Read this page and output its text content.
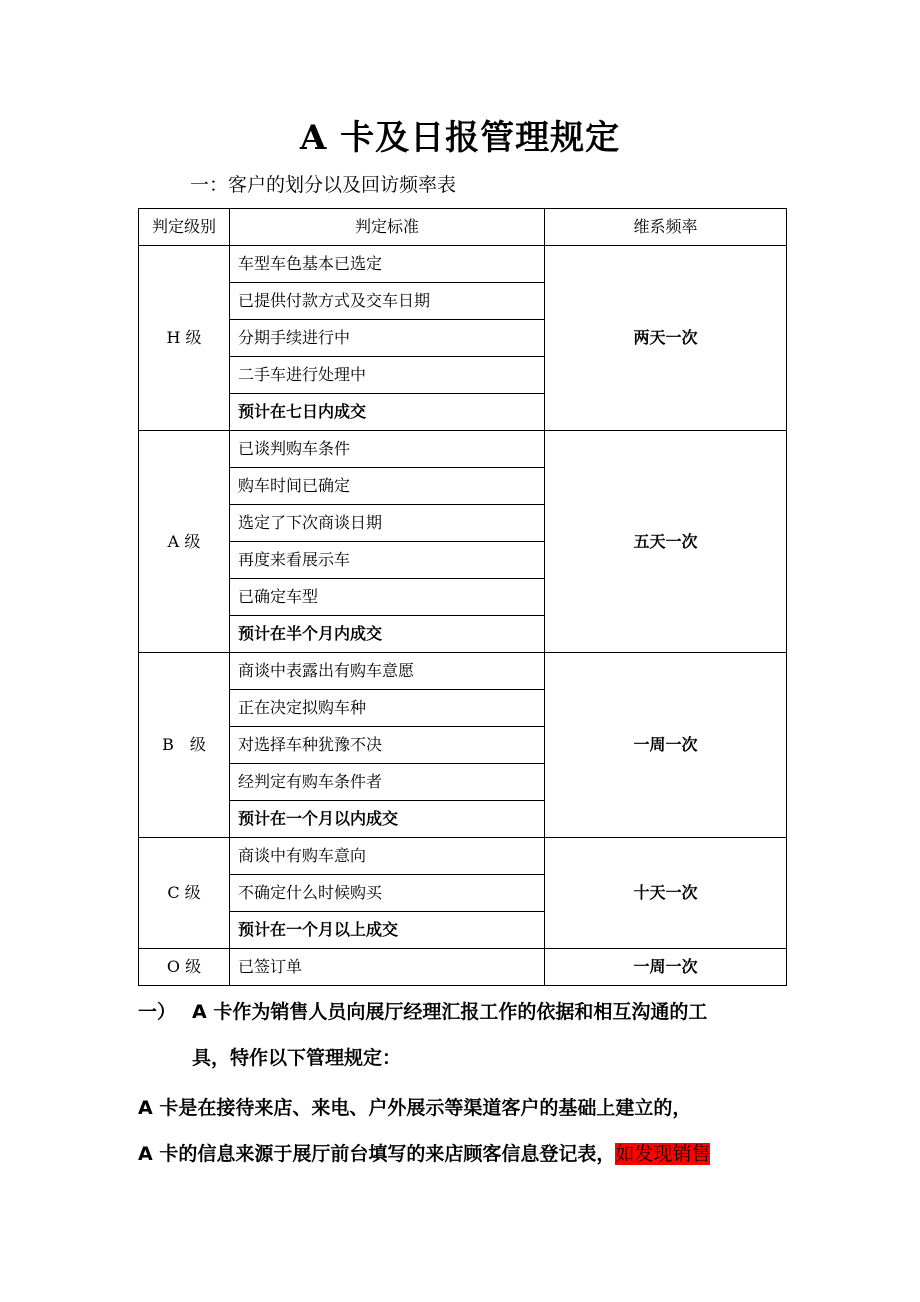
A 卡及日报管理规定
一：客户的划分以及回访频率表
判定级别	判定标准	维系频率
H 级	车型车色基本已选定	两天一次
	已提供付款方式及交车日期	
	分期手续进行中	
	二手车进行处理中	
	预计在七日内成交	
A 级	已谈判购车条件	五天一次
	购车时间已确定	
	选定了下次商谈日期	
	再度来看展示车	
	已确定车型	
	预计在半个月内成交	
B　级	商谈中表露出有购车意愿	一周一次
	正在决定拟购车种	
	对选择车种犹豫不决	
	经判定有购车条件者	
	预计在一个月以内成交	
C 级	商谈中有购车意向	十天一次
	不确定什么时候购买	
	预计在一个月以上成交	
O 级	已签订单	一周一次
一） A 卡作为销售人员向展厅经理汇报工作的依据和相互沟通的工
具，特作以下管理规定：
A 卡是在接待来店、来电、户外展示等渠道客户的基础上建立的，
A 卡的信息来源于展厅前台填写的来店顾客信息登记表，如发现销售
